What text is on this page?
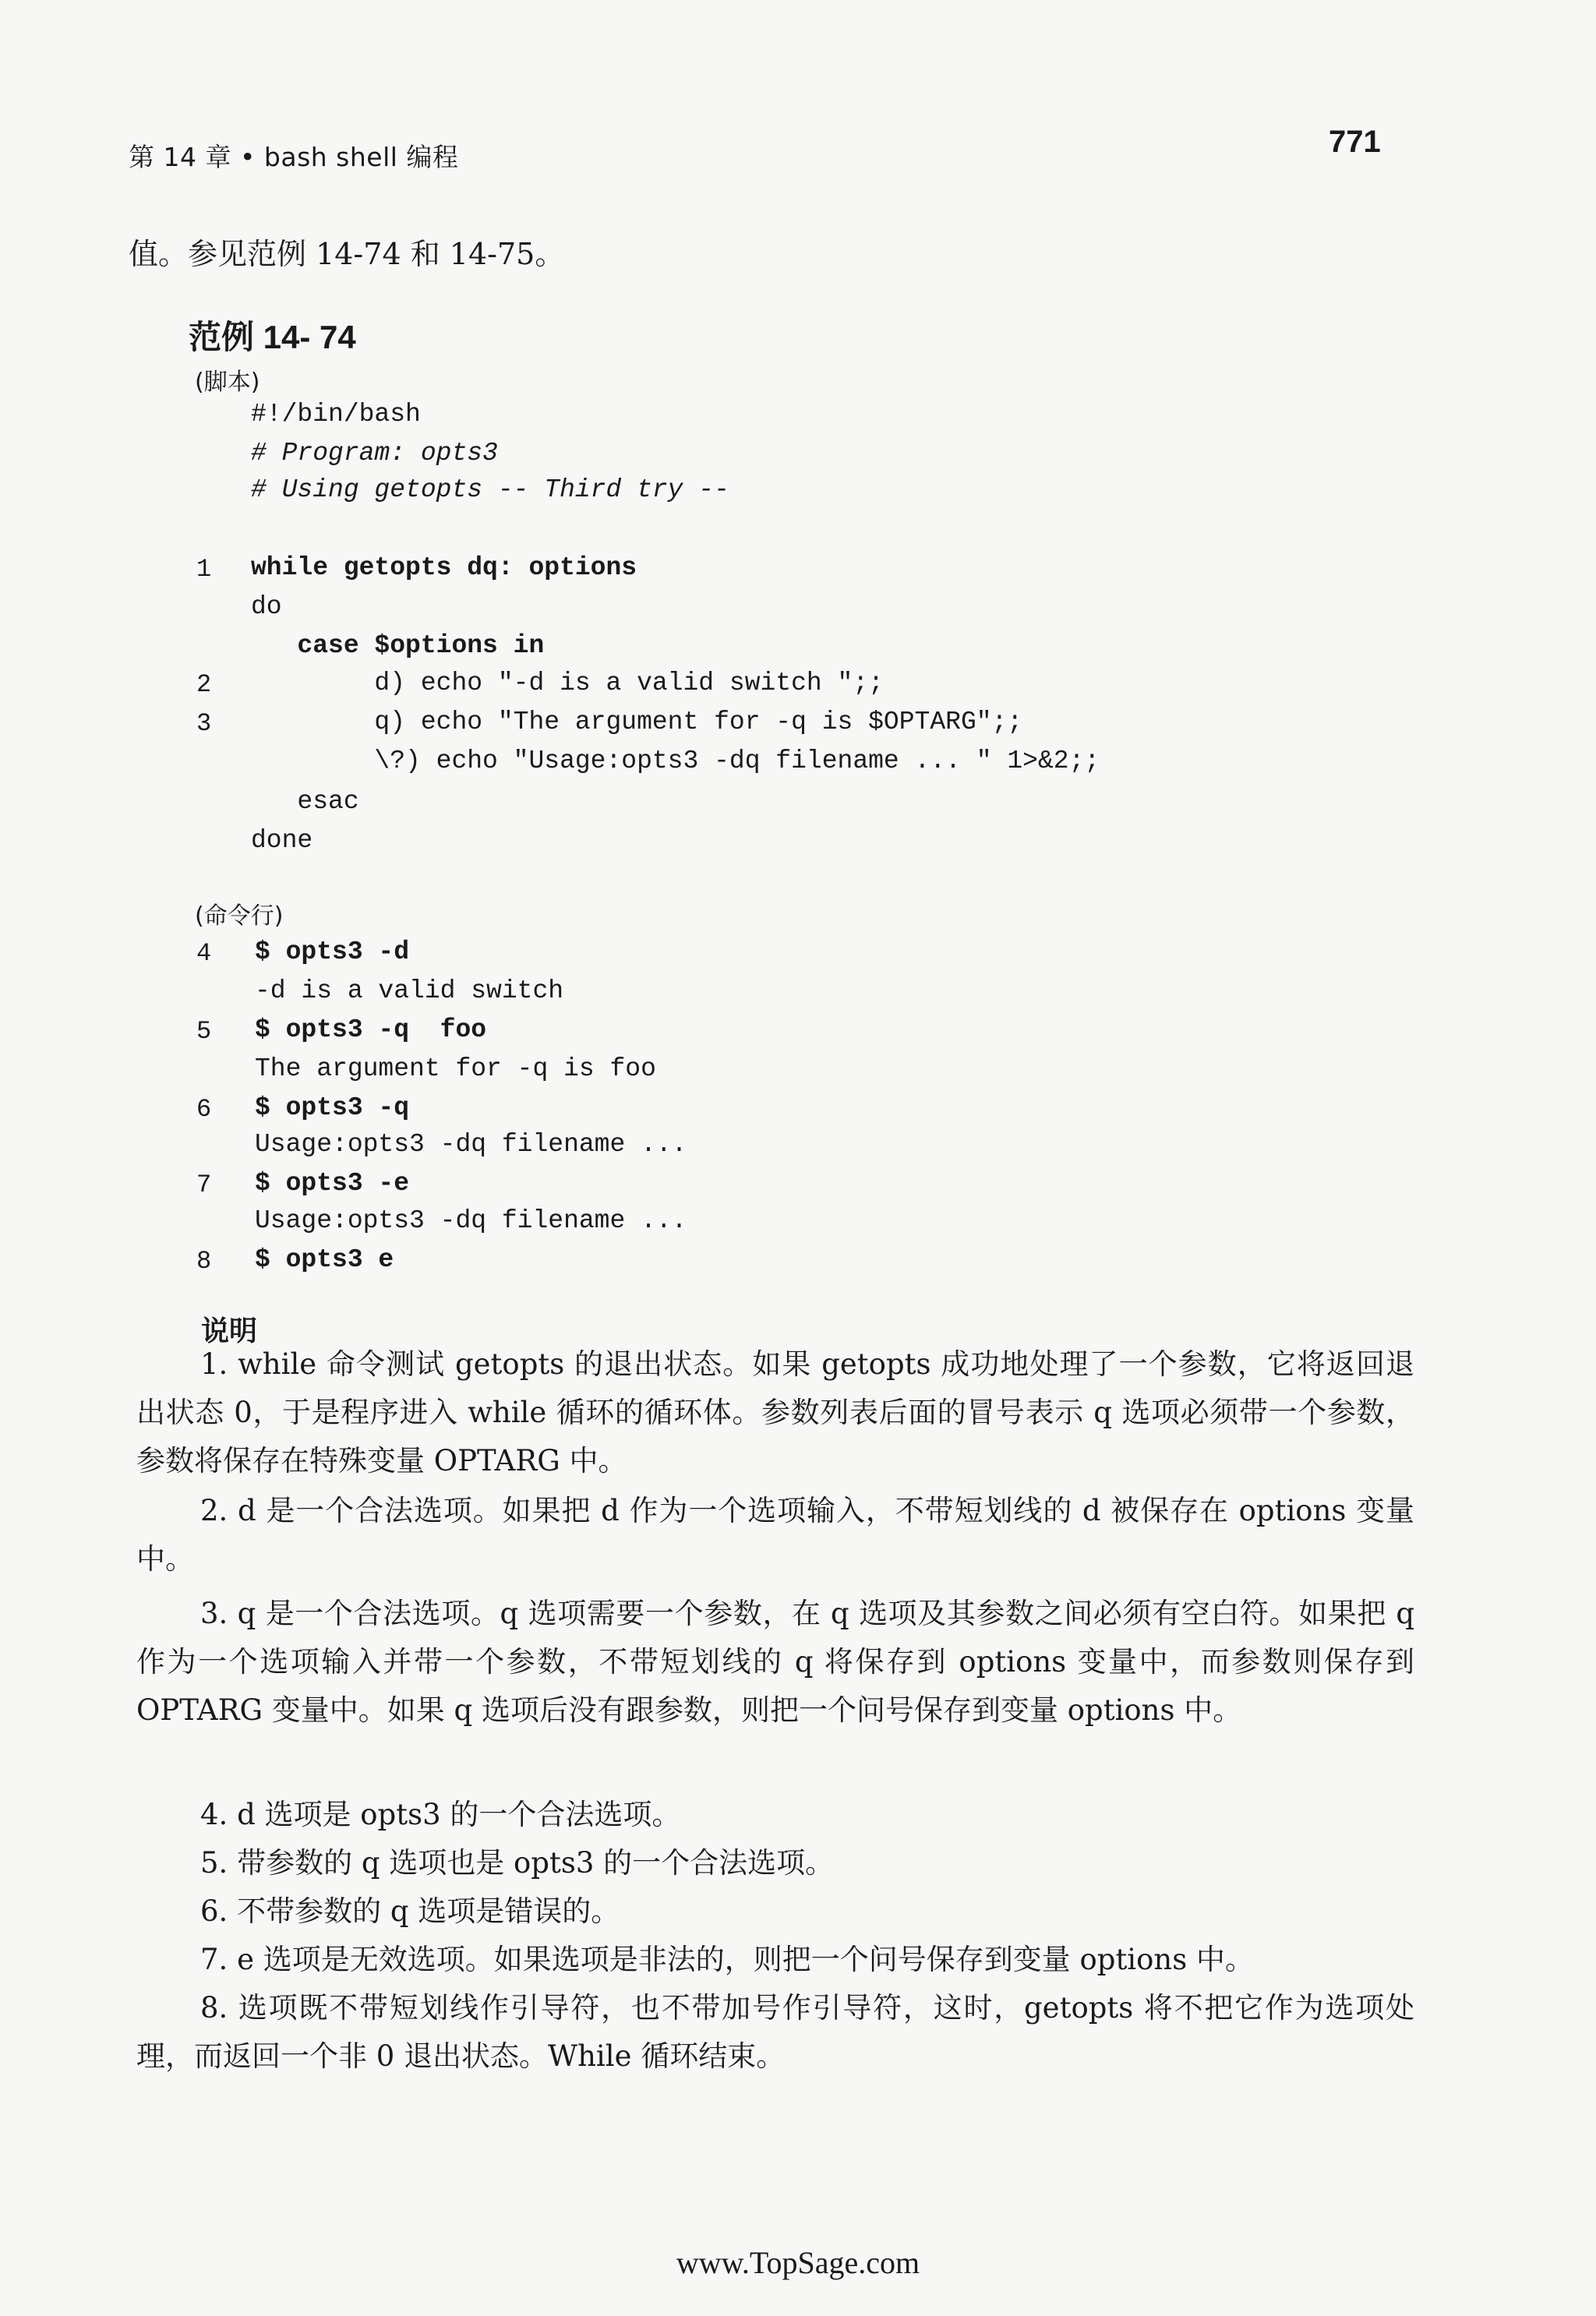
第 14 章 • bash shell 编程	771
值。参见范例 14-74 和 14-75。
范例 14- 74
(脚本)
#!/bin/bash
# Program: opts3
# Using getopts -- Third try --
1 while getopts dq: options
do
case $options in
2 d) echo "-d is a valid switch ";;
3 q) echo "The argument for -q is $OPTARG";;
\?) echo "Usage:opts3 -dq filename ... " 1>&2;;
esac
done
(命令行)
4 $ opts3 -d
-d is a valid switch
5 $ opts3 -q  foo
The argument for -q is foo
6 $ opts3 -q
Usage:opts3 -dq filename ...
7 $ opts3 -e
Usage:opts3 -dq filename ...
8 $ opts3 e
说明
1. while 命令测试 getopts 的退出状态。如果 getopts 成功地处理了一个参数，它将返回退出状态 0，于是程序进入 while 循环的循环体。参数列表后面的冒号表示 q 选项必须带一个参数，参数将保存在特殊变量 OPTARG 中。
2. d 是一个合法选项。如果把 d 作为一个选项输入，不带短划线的 d 被保存在 options 变量中。
3. q 是一个合法选项。q 选项需要一个参数，在 q 选项及其参数之间必须有空白符。如果把 q 作为一个选项输入并带一个参数，不带短划线的 q 将保存到 options 变量中，而参数则保存到 OPTARG 变量中。如果 q 选项后没有跟参数，则把一个问号保存到变量 options 中。
4. d 选项是 opts3 的一个合法选项。
5. 带参数的 q 选项也是 opts3 的一个合法选项。
6. 不带参数的 q 选项是错误的。
7. e 选项是无效选项。如果选项是非法的，则把一个问号保存到变量 options 中。
8. 选项既不带短划线作引导符，也不带加号作引导符，这时，getopts 将不把它作为选项处理，而返回一个非 0 退出状态。While 循环结束。
www.TopSage.com
